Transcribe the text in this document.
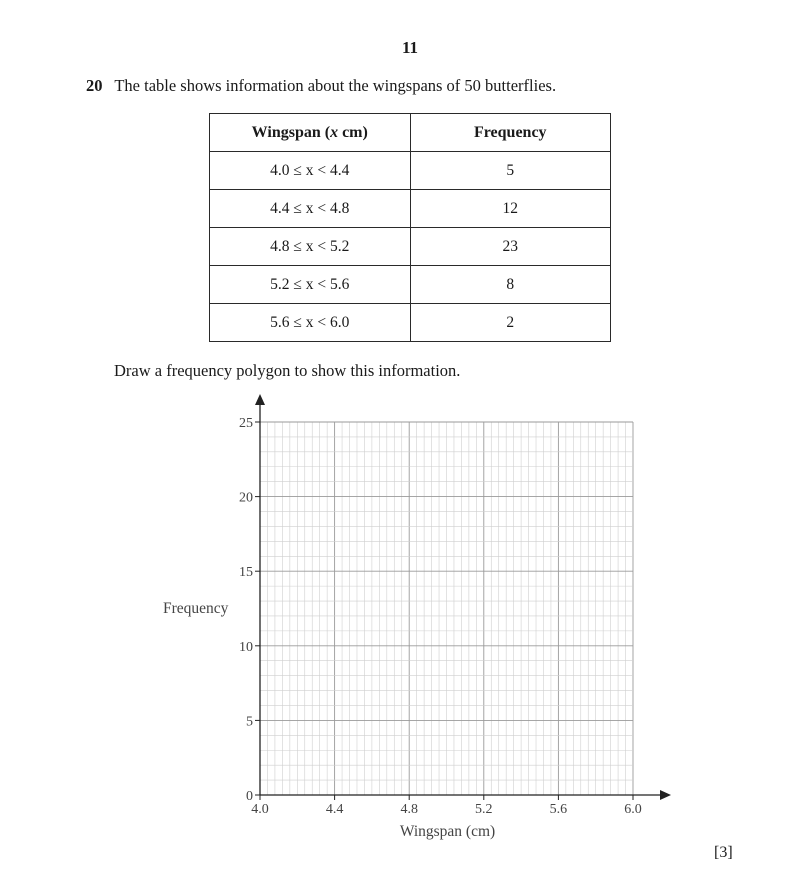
11
20 The table shows information about the wingspans of 50 butterflies.
Wingspan (x cm)	Frequency
4.0 ≤ x < 4.4	5
4.4 ≤ x < 4.8	12
4.8 ≤ x < 5.2	23
5.2 ≤ x < 5.6	8
5.6 ≤ x < 6.0	2
Draw a frequency polygon to show this information.
4.0	4.4	4.8	5.2	5.6	6.0
0
5
10
15
20
25
Wingspan (cm)
Frequency
[3]
